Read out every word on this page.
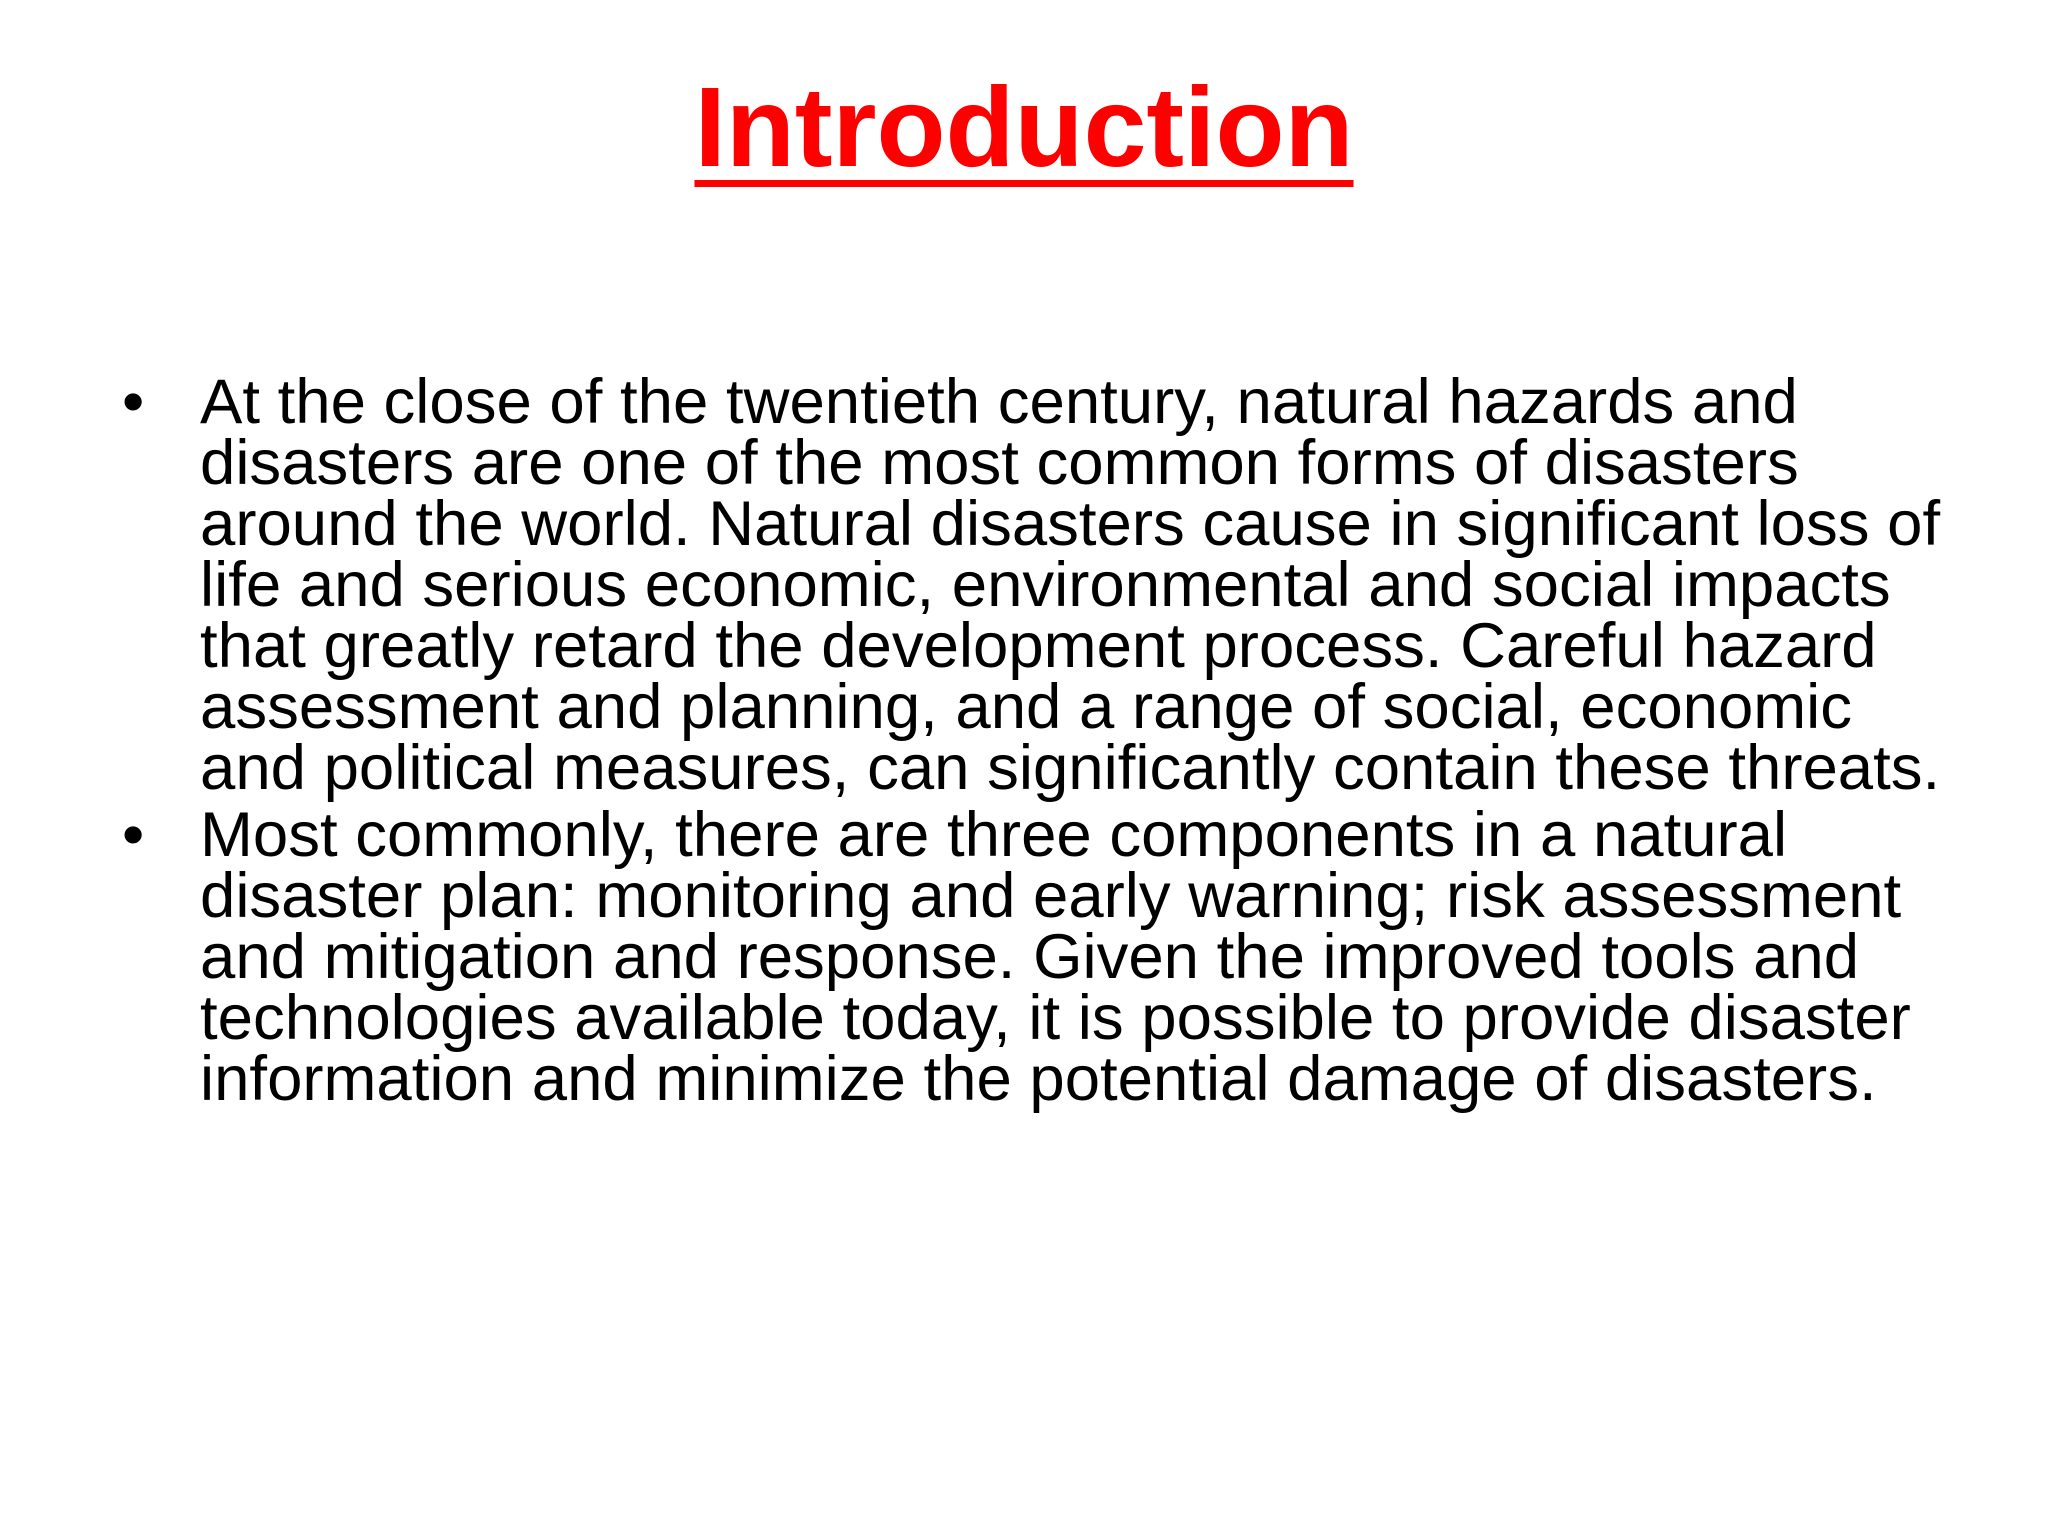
Introduction
• At the close of the twentieth century, natural hazards and disasters are one of the most common forms of disasters around the world. Natural disasters cause in significant loss of life and serious economic, environmental and social impacts that greatly retard the development process. Careful hazard assessment and planning, and a range of social, economic and political measures, can significantly contain these threats.
• Most commonly, there are three components in a natural disaster plan: monitoring and early warning; risk assessment and mitigation and response. Given the improved tools and technologies available today, it is possible to provide disaster information and minimize the potential damage of disasters.
